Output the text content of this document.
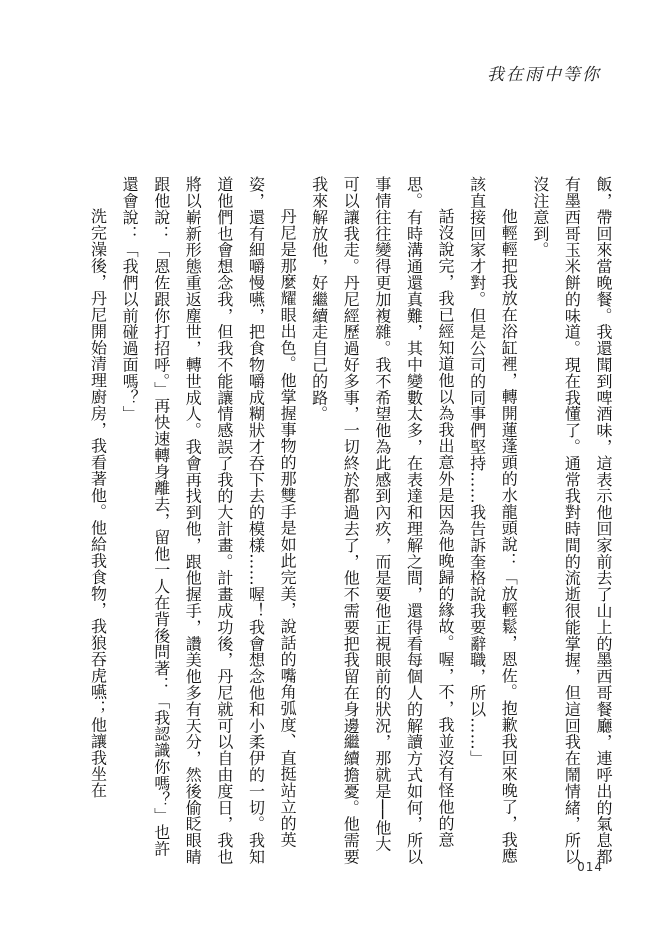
我在雨中等你

飯，帶回來當晚餐。我還聞到啤酒味，這表示他回家前去了山上的墨西哥餐廳，連呼出的氣息都有墨西哥玉米餅的味道。現在我懂了。通常我對時間的流逝很能掌握，但這回我在鬧情緒，所以沒注意到。

他輕輕把我放在浴缸裡，轉開蓮蓬頭的水龍頭說：「放輕鬆，恩佐。抱歉我回來晚了，我應該直接回家才對。但是公司的同事們堅持……我告訴奎格說我要辭職，所以……」

話沒說完，我已經知道他以為我出意外是因為他晚歸的緣故。喔，不，我並沒有怪他的意思。有時溝通還真難，其中變數太多，在表達和理解之間，還得看每個人的解讀方式如何，所以事情往往變得更加複雜。我不希望他為此感到內疚，而是要他正視眼前的狀況，那就是──他大可以讓我走。丹尼經歷過好多事，一切終於都過去了，他不需要把我留在身邊繼續擔憂。他需要我來解放他，好繼續走自己的路。

丹尼是那麼耀眼出色。他掌握事物的那雙手是如此完美，說話的嘴角弧度、直挺站立的英姿，還有細嚼慢嚥，把食物嚼成糊狀才吞下去的模樣……喔！我會想念他和小柔伊的一切。我知道他們也會想念我，但我不能讓情感誤了我的大計畫。計畫成功後，丹尼就可以自由度日，我也將以嶄新形態重返塵世，轉世成人。我會再找到他，跟他握手，讚美他多有天分，然後偷眨眼睛跟他說：「恩佐跟你打招呼。」再快速轉身離去，留他一人在背後問著：「我認識你嗎？」也許還會說：「我們以前碰過面嗎？」

洗完澡後，丹尼開始清理廚房，我看著他。他給我食物，我狼吞虎嚥；他讓我坐在

014
